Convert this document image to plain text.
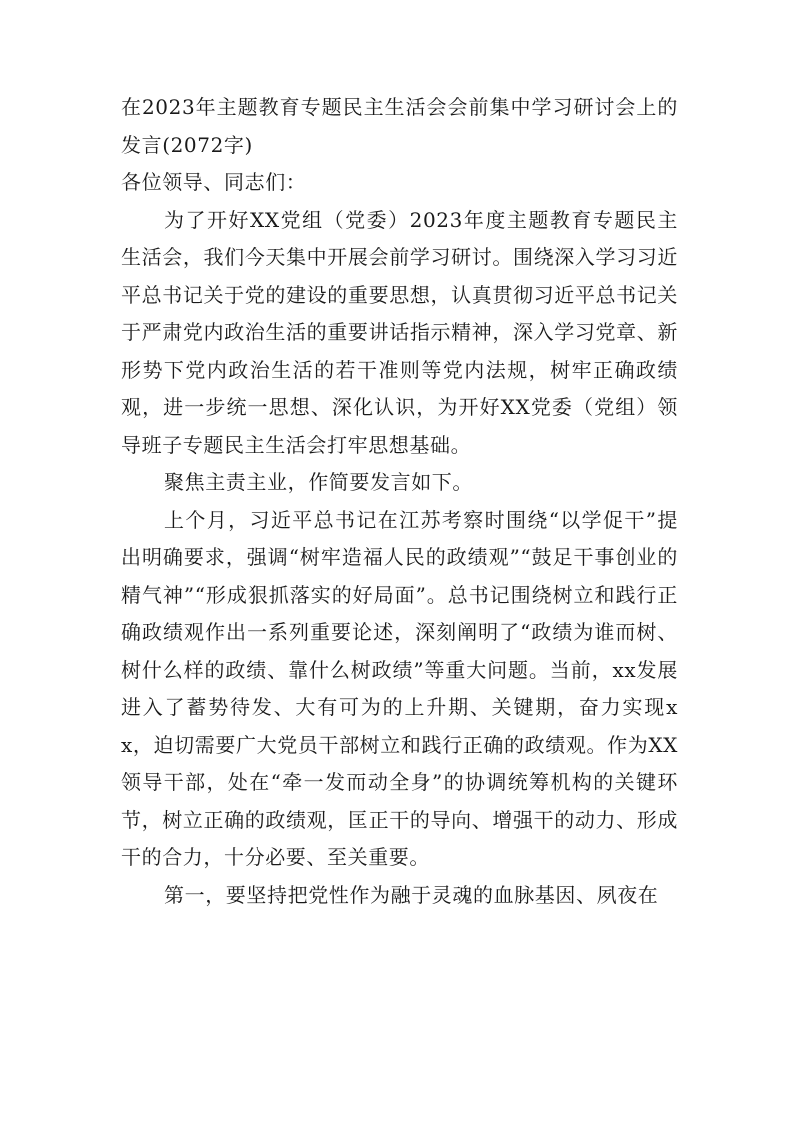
在2023年主题教育专题民主生活会会前集中学习研讨会上的发言(2072字)

各位领导、同志们：

为了开好XX党组（党委）2023年度主题教育专题民主生活会，我们今天集中开展会前学习研讨。围绕深入学习习近平总书记关于党的建设的重要思想，认真贯彻习近平总书记关于严肃党内政治生活的重要讲话指示精神，深入学习党章、新形势下党内政治生活的若干准则等党内法规，树牢正确政绩观，进一步统一思想、深化认识，为开好XX党委（党组）领导班子专题民主生活会打牢思想基础。

聚焦主责主业，作简要发言如下。

上个月，习近平总书记在江苏考察时围绕“以学促干”提出明确要求，强调“树牢造福人民的政绩观”“鼓足干事创业的精气神”“形成狠抓落实的好局面”。总书记围绕树立和践行正确政绩观作出一系列重要论述，深刻阐明了“政绩为谁而树、树什么样的政绩、靠什么树政绩”等重大问题。当前，xx发展进入了蓄势待发、大有可为的上升期、关键期，奋力实现xx，迫切需要广大党员干部树立和践行正确的政绩观。作为XX领导干部，处在“牵一发而动全身”的协调统筹机构的关键环节，树立正确的政绩观，匡正干的导向、增强干的动力、形成干的合力，十分必要、至关重要。

第一，要坚持把党性作为融于灵魂的血脉基因、夙夜在
